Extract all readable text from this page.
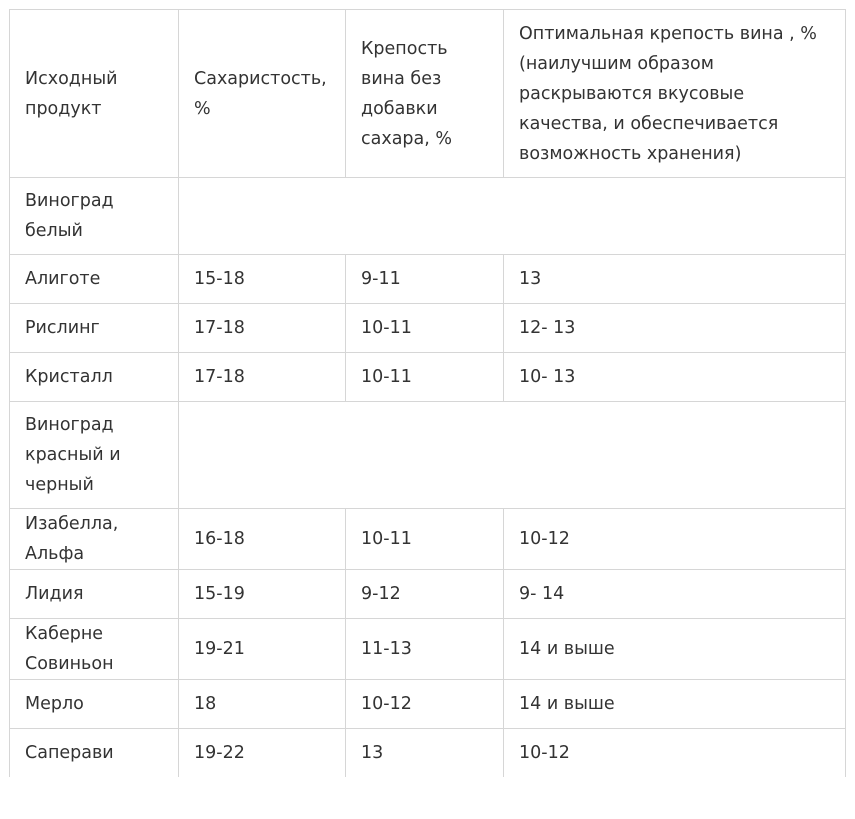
Исходный продукт	Сахаристость, %	Крепость вина без добавки сахара, %	Оптимальная крепость вина , % (наилучшим образом раскрываются вкусовые качества, и обеспечивается возможность хранения)
Виноград белый			
Алиготе	15-18	9-11	13
Рислинг	17-18	10-11	12- 13
Кристалл	17-18	10-11	10- 13
Виноград красный и черный			
Изабелла, Альфа	16-18	10-11	10-12
Лидия	15-19	9-12	9- 14
Каберне Совиньон	19-21	11-13	14 и выше
Мерло	18	10-12	14 и выше
Саперави	19-22	13	10-12
